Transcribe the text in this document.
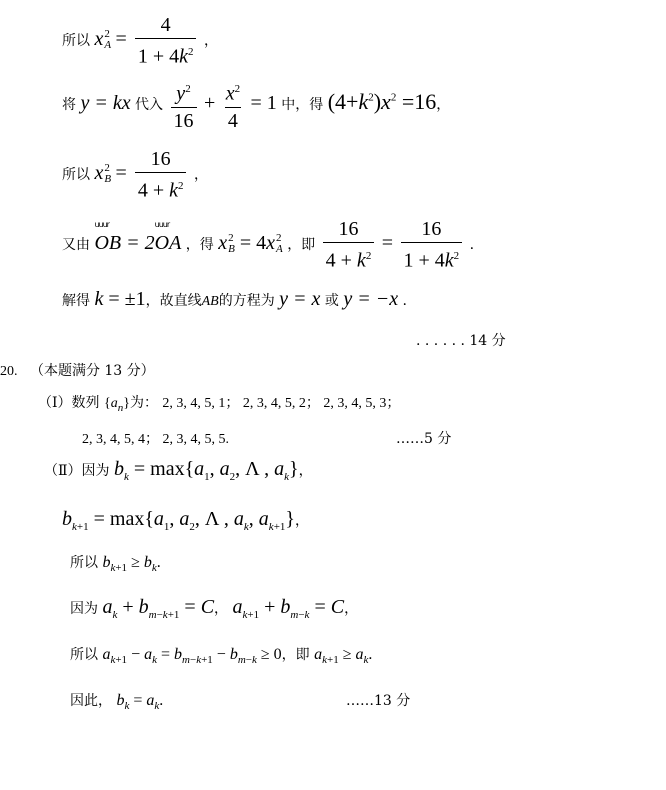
所以 x 2
$A = \frac{4}{1 + 4k^2}$ ，
将 y = kx 代入 $\frac{y^2}{16} + \frac{x^2}{4} = 1$ 中，得 $(4+k^2)x^2 =16$，
所以 x 2
$B = \frac{16}{4 + k^2}$ ，
又由 uuur OB = 2uuur OA ，得 x 2
B = 4x 2
A ，即 $\frac{16}{4 + k^2} = \frac{16}{1 + 4k^2}$ .
解得 k = ±1，故直线AB的方程为 y = x 或 y = −x .
. . . . . . 14 分
20. （本题满分 13 分）
（Ⅰ）数列 $\{a_n\}$为： 2, 3, 4, 5, 1； 2, 3, 4, 5, 2； 2, 3, 4, 5, 3；
2, 3, 4, 5, 4； 2, 3, 4, 5, 5.	……5 分
（Ⅱ）因为 $b_k = \max\{a_1$, $a_2$, Λ , $a_k$}，
$b_{k+1} = \max\{a_1$, $a_2$, Λ , $a_k$, $a_{k+1}$}，
所以 $b_{k+1} \ge b_k$.
因为 $a_k + b_{m-k+1} = C$， $a_{k+1} + b_{m-k} = C$，
所以 $a_{k+1} - a_k = b_{m-k+1} - b_{m-k} \ge 0$，即 $a_{k+1} \ge a_k$.
因此， $b_k = a_k$.	……13 分
